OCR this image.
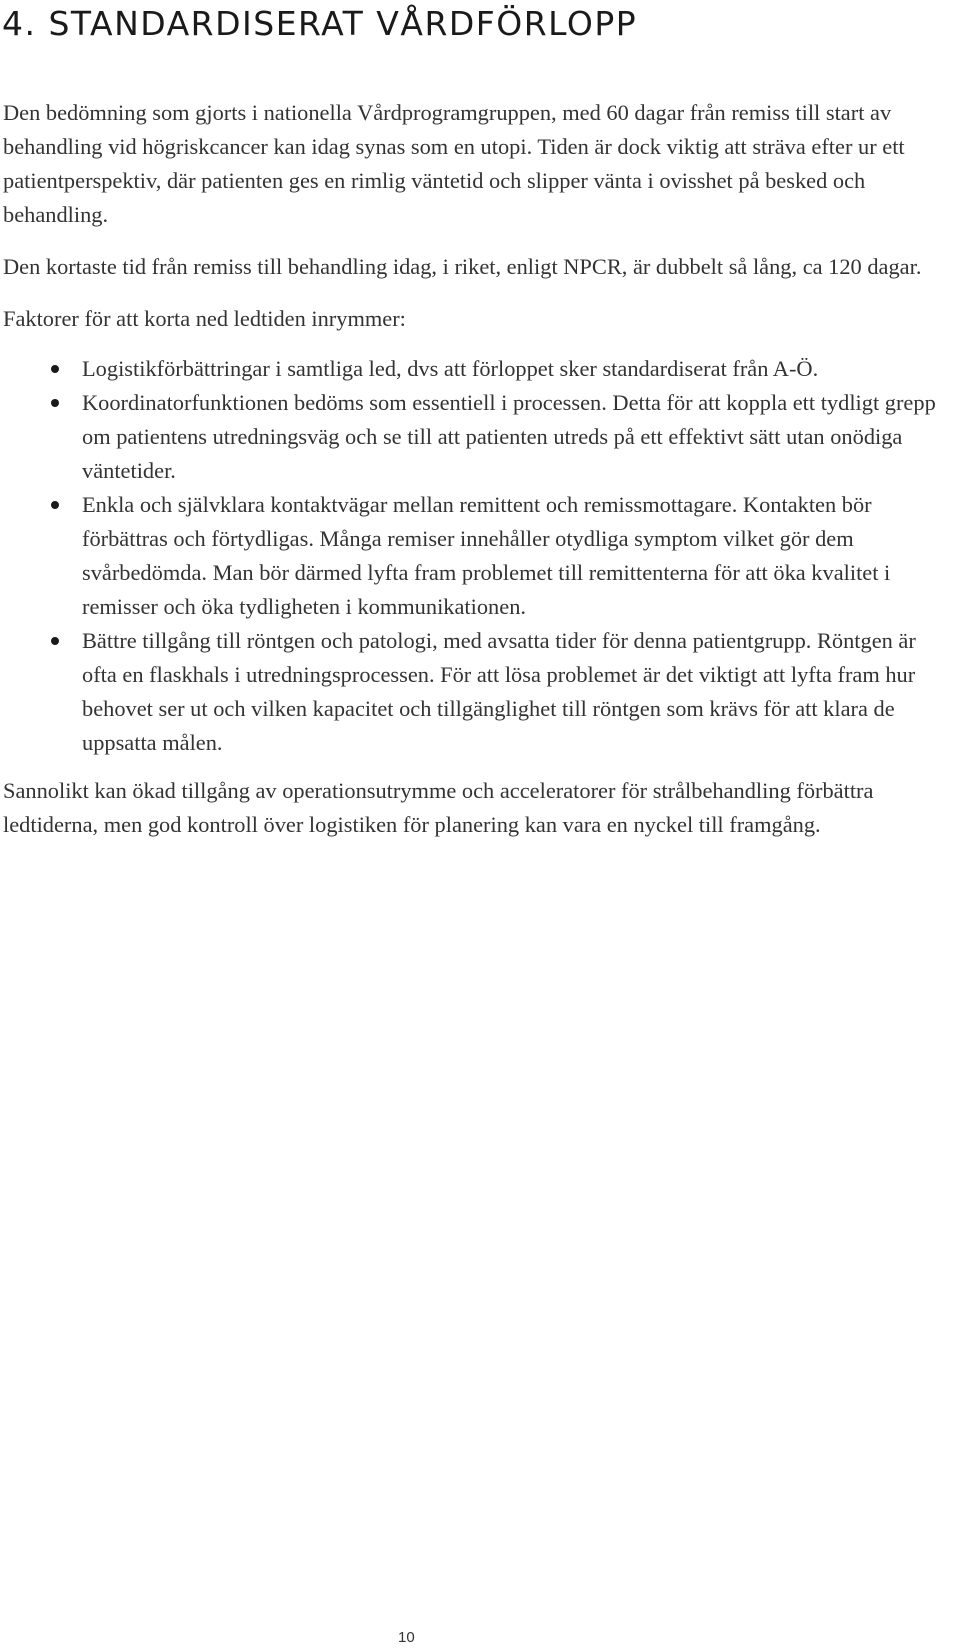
4. STANDARDISERAT VÅRDFÖRLOPP

Den bedömning som gjorts i nationella Vårdprogramgruppen, med 60 dagar från remiss till start av behandling vid högriskcancer kan idag synas som en utopi. Tiden är dock viktig att sträva efter ur ett patientperspektiv, där patienten ges en rimlig väntetid och slipper vänta i ovisshet på besked och behandling.

Den kortaste tid från remiss till behandling idag, i riket, enligt NPCR, är dubbelt så lång, ca 120 dagar.

Faktorer för att korta ned ledtiden inrymmer:

Logistikförbättringar i samtliga led, dvs att förloppet sker standardiserat från A-Ö.
Koordinatorfunktionen bedöms som essentiell i processen. Detta för att koppla ett tydligt grepp om patientens utredningsväg och se till att patienten utreds på ett effektivt sätt utan onödiga väntetider.
Enkla och självklara kontaktvägar mellan remittent och remissmottagare. Kontakten bör förbättras och förtydligas. Många remiser innehåller otydliga symptom vilket gör dem svårbedömda. Man bör därmed lyfta fram problemet till remittenterna för att öka kvalitet i remisser och öka tydligheten i kommunikationen.
Bättre tillgång till röntgen och patologi, med avsatta tider för denna patientgrupp. Röntgen är ofta en flaskhals i utredningsprocessen. För att lösa problemet är det viktigt att lyfta fram hur behovet ser ut och vilken kapacitet och tillgänglighet till röntgen som krävs för att klara de uppsatta målen.

Sannolikt kan ökad tillgång av operationsutrymme och acceleratorer för strålbehandling förbättra ledtiderna, men god kontroll över logistiken för planering kan vara en nyckel till framgång.

10
